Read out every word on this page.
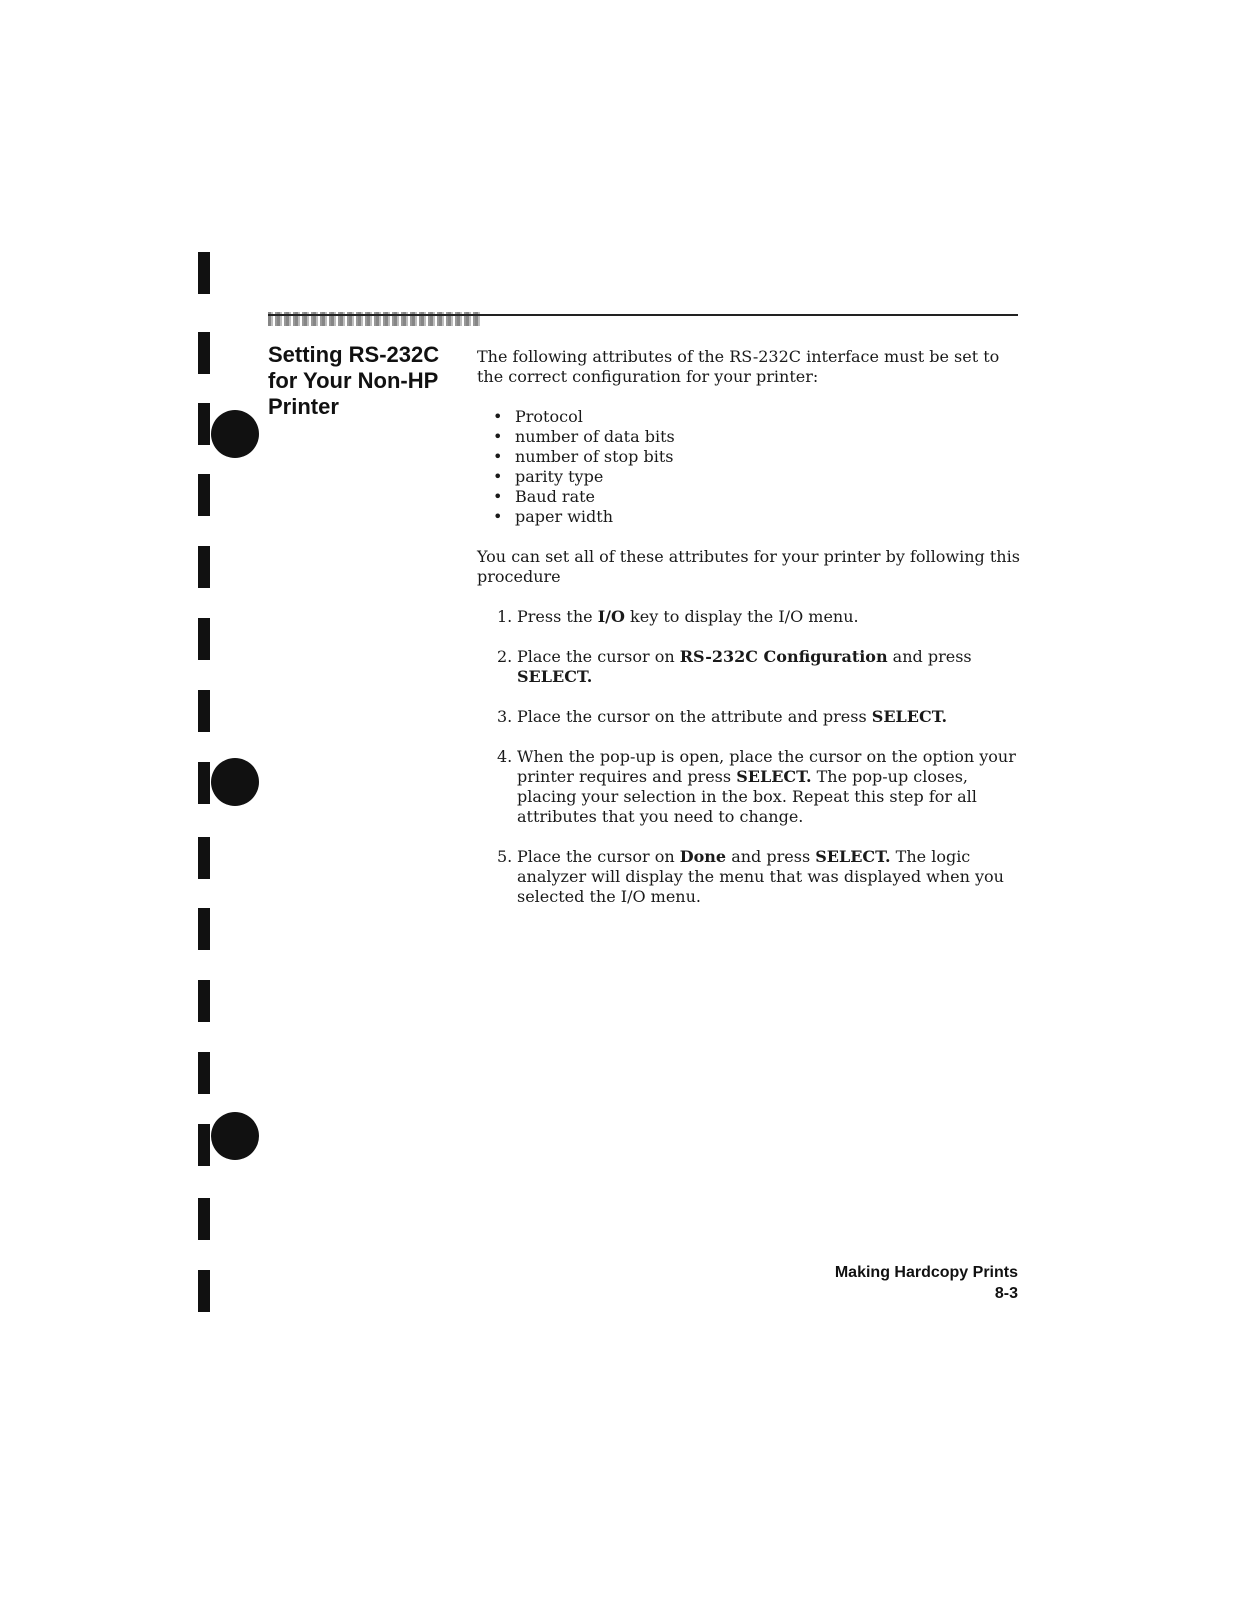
Setting RS-232C for Your Non-HP Printer

The following attributes of the RS-232C interface must be set to the correct configuration for your printer:

• Protocol
• number of data bits
• number of stop bits
• parity type
• Baud rate
• paper width

You can set all of these attributes for your printer by following this procedure

1. Press the I/O key to display the I/O menu.
2. Place the cursor on RS-232C Configuration and press SELECT.
3. Place the cursor on the attribute and press SELECT.
4. When the pop-up is open, place the cursor on the option your printer requires and press SELECT. The pop-up closes, placing your selection in the box. Repeat this step for all attributes that you need to change.
5. Place the cursor on Done and press SELECT. The logic analyzer will display the menu that was displayed when you selected the I/O menu.
Making Hardcopy Prints
8-3
